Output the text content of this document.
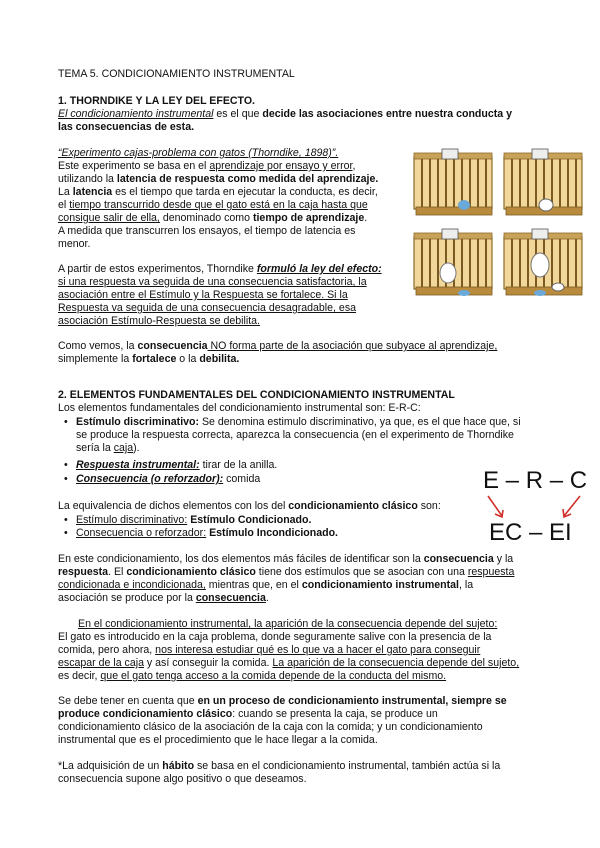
TEMA 5. CONDICIONAMIENTO INSTRUMENTAL
1. THORNDIKE Y LA LEY DEL EFECTO.
El condicionamiento instrumental es el que decide las asociaciones entre nuestra conducta y
las consecuencias de esta.
“Experimento cajas-problema con gatos (Thorndike, 1898)”.
Este experimento se basa en el aprendizaje por ensayo y error,
utilizando la latencia de respuesta como medida del aprendizaje.
La latencia es el tiempo que tarda en ejecutar la conducta, es decir,
el tiempo transcurrido desde que el gato está en la caja hasta que
consigue salir de ella, denominado como tiempo de aprendizaje.
A medida que transcurren los ensayos, el tiempo de latencia es
menor.
A partir de estos experimentos, Thorndike formuló la ley del efecto:
si una respuesta va seguida de una consecuencia satisfactoria, la
asociación entre el Estímulo y la Respuesta se fortalece. Si la
Respuesta va seguida de una consecuencia desagradable, esa
asociación Estímulo-Respuesta se debilita.
Como vemos, la consecuencia NO forma parte de la asociación que subyace al aprendizaje,
simplemente la fortalece o la debilita.
2. ELEMENTOS FUNDAMENTALES DEL CONDICIONAMIENTO INSTRUMENTAL
Los elementos fundamentales del condicionamiento instrumental son: E-R-C:
• Estímulo discriminativo: Se denomina estimulo discriminativo, ya que, es el que hace que, si
se produce la respuesta correcta, aparezca la consecuencia (en el experimento de Thorndike
sería la caja).
• Respuesta instrumental: tirar de la anilla.
• Consecuencia (o reforzador): comida
La equivalencia de dichos elementos con los del condicionamiento clásico son:
• Estímulo discriminativo: Estímulo Condicionado.
• Consecuencia o reforzador: Estímulo Incondicionado.
E – R – C
EC – EI
En este condicionamiento, los dos elementos más fáciles de identificar son la consecuencia y la
respuesta. El condicionamiento clásico tiene dos estímulos que se asocian con una respuesta
condicionada e incondicionada, mientras que, en el condicionamiento instrumental, la
asociación se produce por la consecuencia.
En el condicionamiento instrumental, la aparición de la consecuencia depende del sujeto:
El gato es introducido en la caja problema, donde seguramente salive con la presencia de la
comida, pero ahora, nos interesa estudiar qué es lo que va a hacer el gato para conseguir
escapar de la caja y así conseguir la comida. La aparición de la consecuencia depende del sujeto,
es decir, que el gato tenga acceso a la comida depende de la conducta del mismo.
Se debe tener en cuenta que en un proceso de condicionamiento instrumental, siempre se
produce condicionamiento clásico: cuando se presenta la caja, se produce un
condicionamiento clásico de la asociación de la caja con la comida; y un condicionamiento
instrumental que es el procedimiento que le hace llegar a la comida.
*La adquisición de un hábito se basa en el condicionamiento instrumental, también actúa si la
consecuencia supone algo positivo o que deseamos.
